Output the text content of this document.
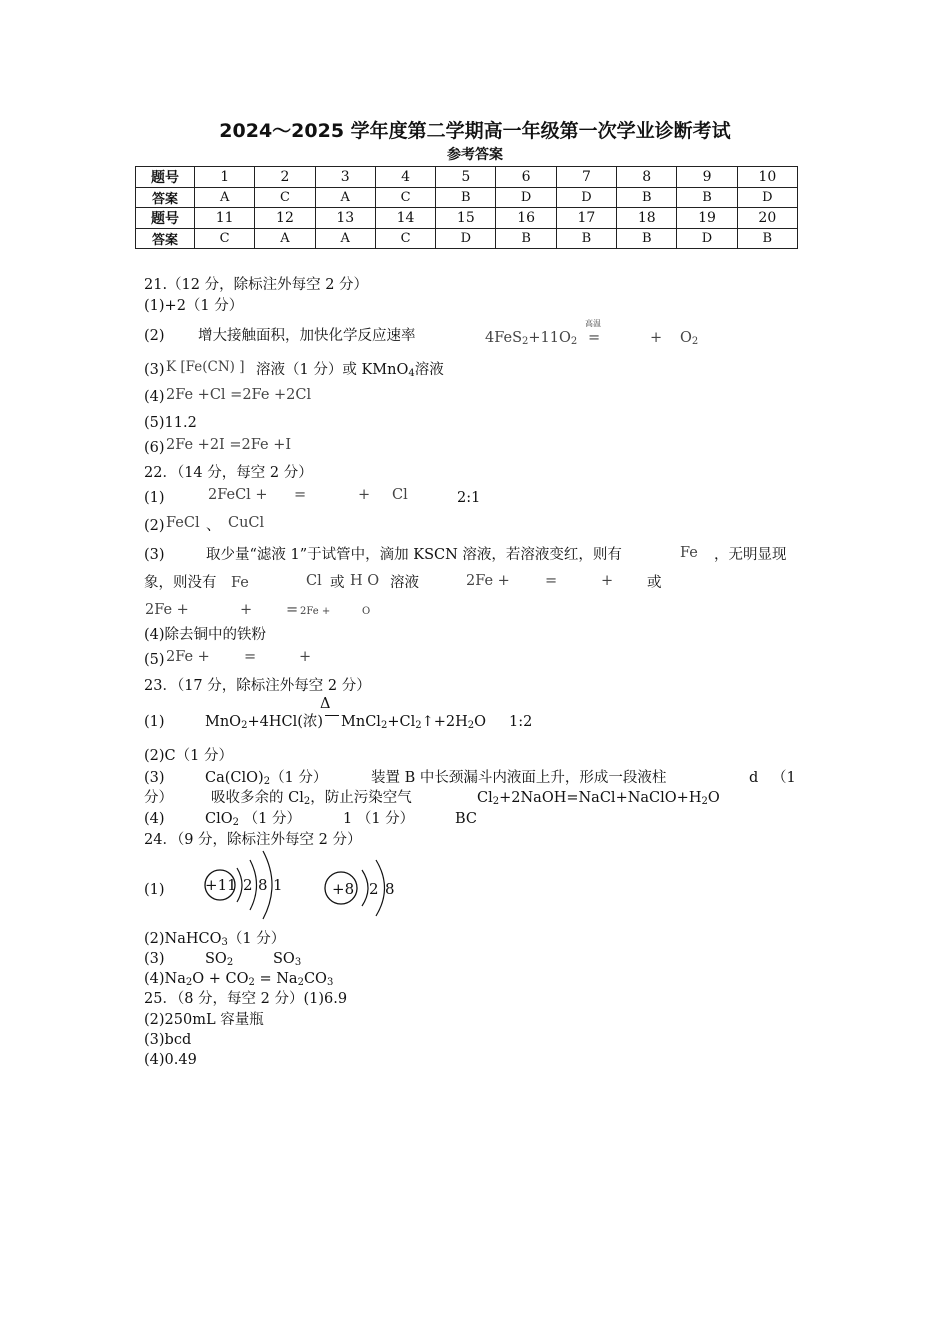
2024～2025 学年度第二学期高一年级第一次学业诊断考试
参考答案
题号	1	2	3	4	5	6	7	8	9	10
答案	A	C	A	C	B	D	D	B	B	D
题号	11	12	13	14	15	16	17	18	19	20
答案	C	A	A	C	D	B	B	B	D	B
21.（12 分，除标注外每空 2 分）
(1)+2（1 分）
(2) 增大接触面积，加快化学反应速率	$4FeS_2+11O_2$
高温
=	+ $O_2$
(3) K [Fe(CN) ] 溶液（1 分）或 KMnO$_4$溶液
(4) 2Fe +Cl =2Fe +2Cl
(5)11.2
(6) 2Fe +2I =2Fe +I
22．（14 分，每空 2 分）
(1)	2FeCl + =	+ Cl	2:1
(2) FeCl 、 CuCl
(3)	取少量“滤液 1”于试管中，滴加 KSCN 溶液，若溶液变红，则有	Fe ，无明显现
象，则没有 Fe	Cl 或 H O 溶液	2Fe + =	+ 或
2Fe +	+ = 2Fe +	O
(4)除去铜中的铁粉
(5) 2Fe + =	+
23．（17 分，除标注外每空 2 分）
Δ
(1)	MnO$_2$+4HCl(浓) $MnCl_2+Cl_2↑+2H_2O$ 1:2
(2)C（1 分）
(3)	$Ca(ClO)_2(1$ 分）	装置 B 中长颈漏斗内液面上升，形成一段液柱	d （1
分）	吸收多余的 $Cl_2$，防止污染空气	$Cl_2+2NaOH=NaCl+NaClO+H_2O$
(4)	ClO$_2$ （1 分）	1 （1 分）	BC
24．（9 分，除标注外每空 2 分）
(1)	+11 2 8 1	+8 2 8
(2)NaHCO$_3$（1 分）
(3)	$SO_2$	$SO_3$
$(4)Na_2O + CO_2 = Na_2CO_3$
25．（8 分，每空 2 分）(1)6.9
(2)250mL 容量瓶
(3)bcd
(4)0.49
